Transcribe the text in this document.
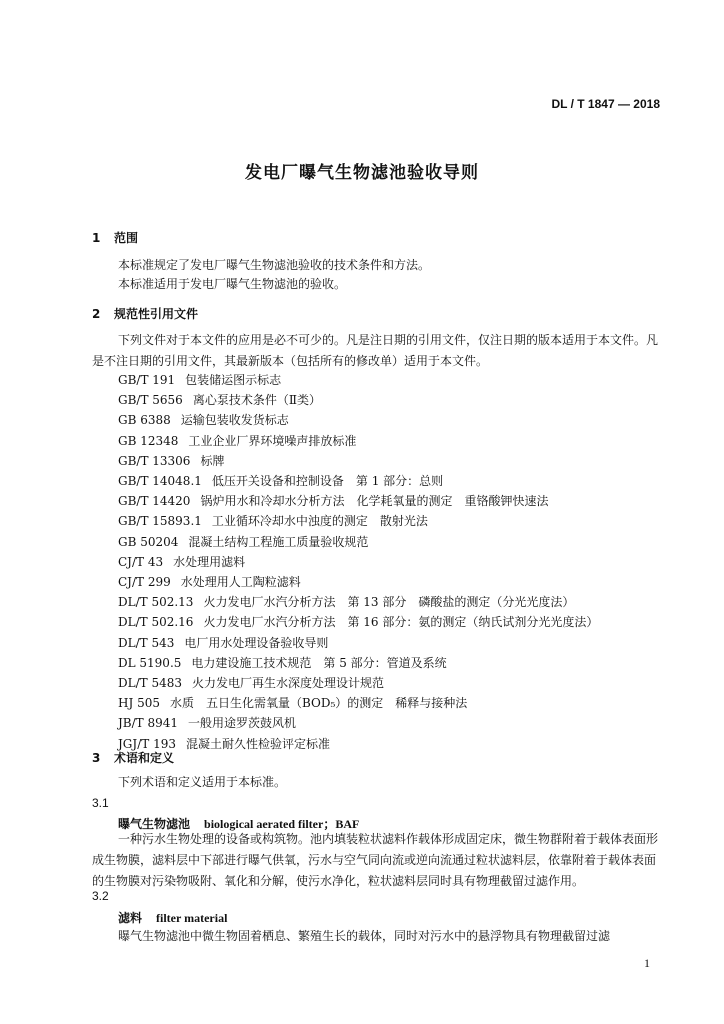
DL / T 1847 — 2018
发电厂曝气生物滤池验收导则
1 范围
本标准规定了发电厂曝气生物滤池验收的技术条件和方法。
本标准适用于发电厂曝气生物滤池的验收。
2 规范性引用文件
下列文件对于本文件的应用是必不可少的。凡是注日期的引用文件，仅注日期的版本适用于本文件。凡是不注日期的引用文件，其最新版本（包括所有的修改单）适用于本文件。
GB/T 191 包装储运图示标志
GB/T 5656 离心泵技术条件（Ⅱ类）
GB 6388 运输包装收发货标志
GB 12348 工业企业厂界环境噪声排放标准
GB/T 13306 标牌
GB/T 14048.1 低压开关设备和控制设备　第 1 部分：总则
GB/T 14420 锅炉用水和冷却水分析方法　化学耗氧量的测定　重铬酸钾快速法
GB/T 15893.1 工业循环冷却水中浊度的测定　散射光法
GB 50204 混凝土结构工程施工质量验收规范
CJ/T 43 水处理用滤料
CJ/T 299 水处理用人工陶粒滤料
DL/T 502.13 火力发电厂水汽分析方法　第 13 部分　磷酸盐的测定（分光光度法）
DL/T 502.16 火力发电厂水汽分析方法　第 16 部分：氨的测定（纳氏试剂分光光度法）
DL/T 543 电厂用水处理设备验收导则
DL 5190.5 电力建设施工技术规范　第 5 部分：管道及系统
DL/T 5483 火力发电厂再生水深度处理设计规范
HJ 505 水质　五日生化需氧量（BOD₅）的测定　稀释与接种法
JB/T 8941 一般用途罗茨鼓风机
JGJ/T 193 混凝土耐久性检验评定标准
3 术语和定义
下列术语和定义适用于本标准。
3.1
曝气生物滤池 biological aerated filter；BAF
一种污水生物处理的设备或构筑物。池内填装粒状滤料作载体形成固定床，微生物群附着于载体表面形成生物膜，滤料层中下部进行曝气供氧，污水与空气同向流或逆向流通过粒状滤料层，依靠附着于载体表面的生物膜对污染物吸附、氧化和分解，使污水净化，粒状滤料层同时具有物理截留过滤作用。
3.2
滤料 filter material
曝气生物滤池中微生物固着栖息、繁殖生长的载体，同时对污水中的悬浮物具有物理截留过滤
1
